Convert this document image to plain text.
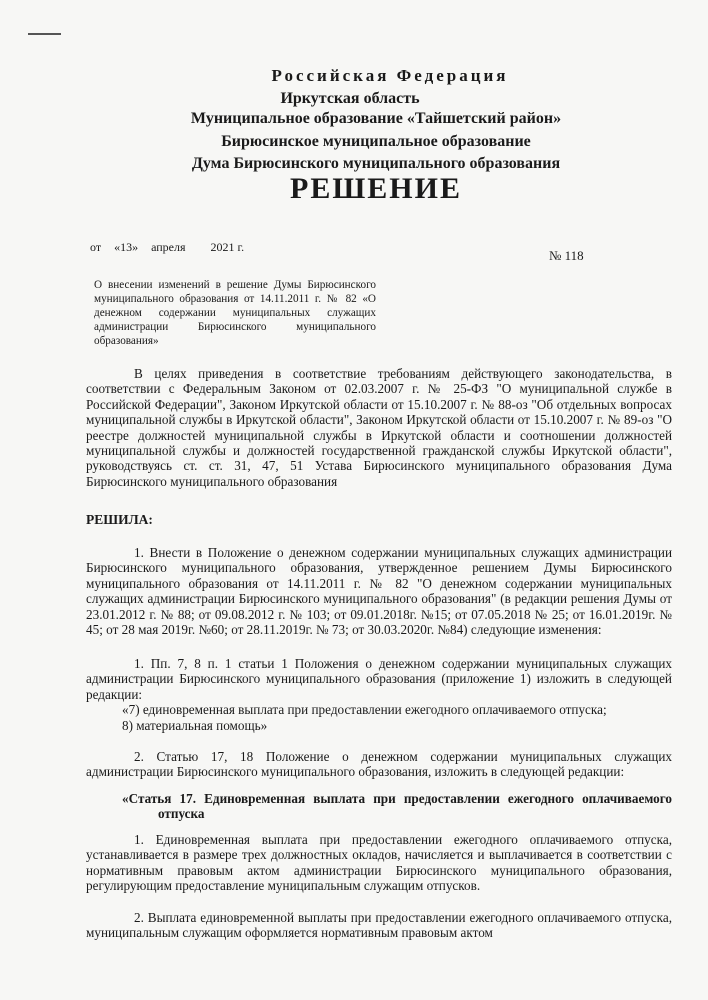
Российская Федерация
Иркутская область
Муниципальное образование «Тайшетский район»
Бирюсинское муниципальное образование
Дума Бирюсинского муниципального образования
РЕШЕНИЕ
от «13» апреля 2021 г.
№ 118
О внесении изменений в решение Думы Бирюсинского муниципального образования от 14.11.2011 г. № 82 «О денежном содержании муниципальных служащих администрации Бирюсинского муниципального образования»

В целях приведения в соответствие требованиям действующего законодательства, в соответствии с Федеральным Законом от 02.03.2007 г. № 25-ФЗ "О муниципальной службе в Российской Федерации", Законом Иркутской области от 15.10.2007 г. № 88-оз "Об отдельных вопросах муниципальной службы в Иркутской области", Законом Иркутской области от 15.10.2007 г. № 89-оз "О реестре должностей муниципальной службы в Иркутской области и соотношении должностей муниципальной службы и должностей государственной гражданской службы Иркутской области", руководствуясь ст. ст. 31, 47, 51 Устава Бирюсинского муниципального образования Дума Бирюсинского муниципального образования

РЕШИЛА:

1. Внести в Положение о денежном содержании муниципальных служащих администрации Бирюсинского муниципального образования, утвержденное решением Думы Бирюсинского муниципального образования от 14.11.2011 г. № 82 "О денежном содержании муниципальных служащих администрации Бирюсинского муниципального образования" (в редакции решения Думы от 23.01.2012 г. № 88; от 09.08.2012 г. № 103; от 09.01.2018г. №15; от 07.05.2018 № 25; от 16.01.2019г. № 45; от 28 мая 2019г. №60; от 28.11.2019г. № 73; от 30.03.2020г. №84) следующие изменения:

1. Пп. 7, 8 п. 1 статьи 1 Положения о денежном содержании муниципальных служащих администрации Бирюсинского муниципального образования (приложение 1) изложить в следующей редакции:

«7) единовременная выплата при предоставлении ежегодного оплачиваемого отпуска;

8) материальная помощь»

2. Статью 17, 18 Положение о денежном содержании муниципальных служащих администрации Бирюсинского муниципального образования, изложить в следующей редакции:

«Статья 17. Единовременная выплата при предоставлении ежегодного оплачиваемого отпуска

1. Единовременная выплата при предоставлении ежегодного оплачиваемого отпуска, устанавливается в размере трех должностных окладов, начисляется и выплачивается в соответствии с нормативным правовым актом администрации Бирюсинского муниципального образования, регулирующим предоставление муниципальным служащим отпусков.

2. Выплата единовременной выплаты при предоставлении ежегодного оплачиваемого отпуска, муниципальным служащим оформляется нормативным правовым актом
